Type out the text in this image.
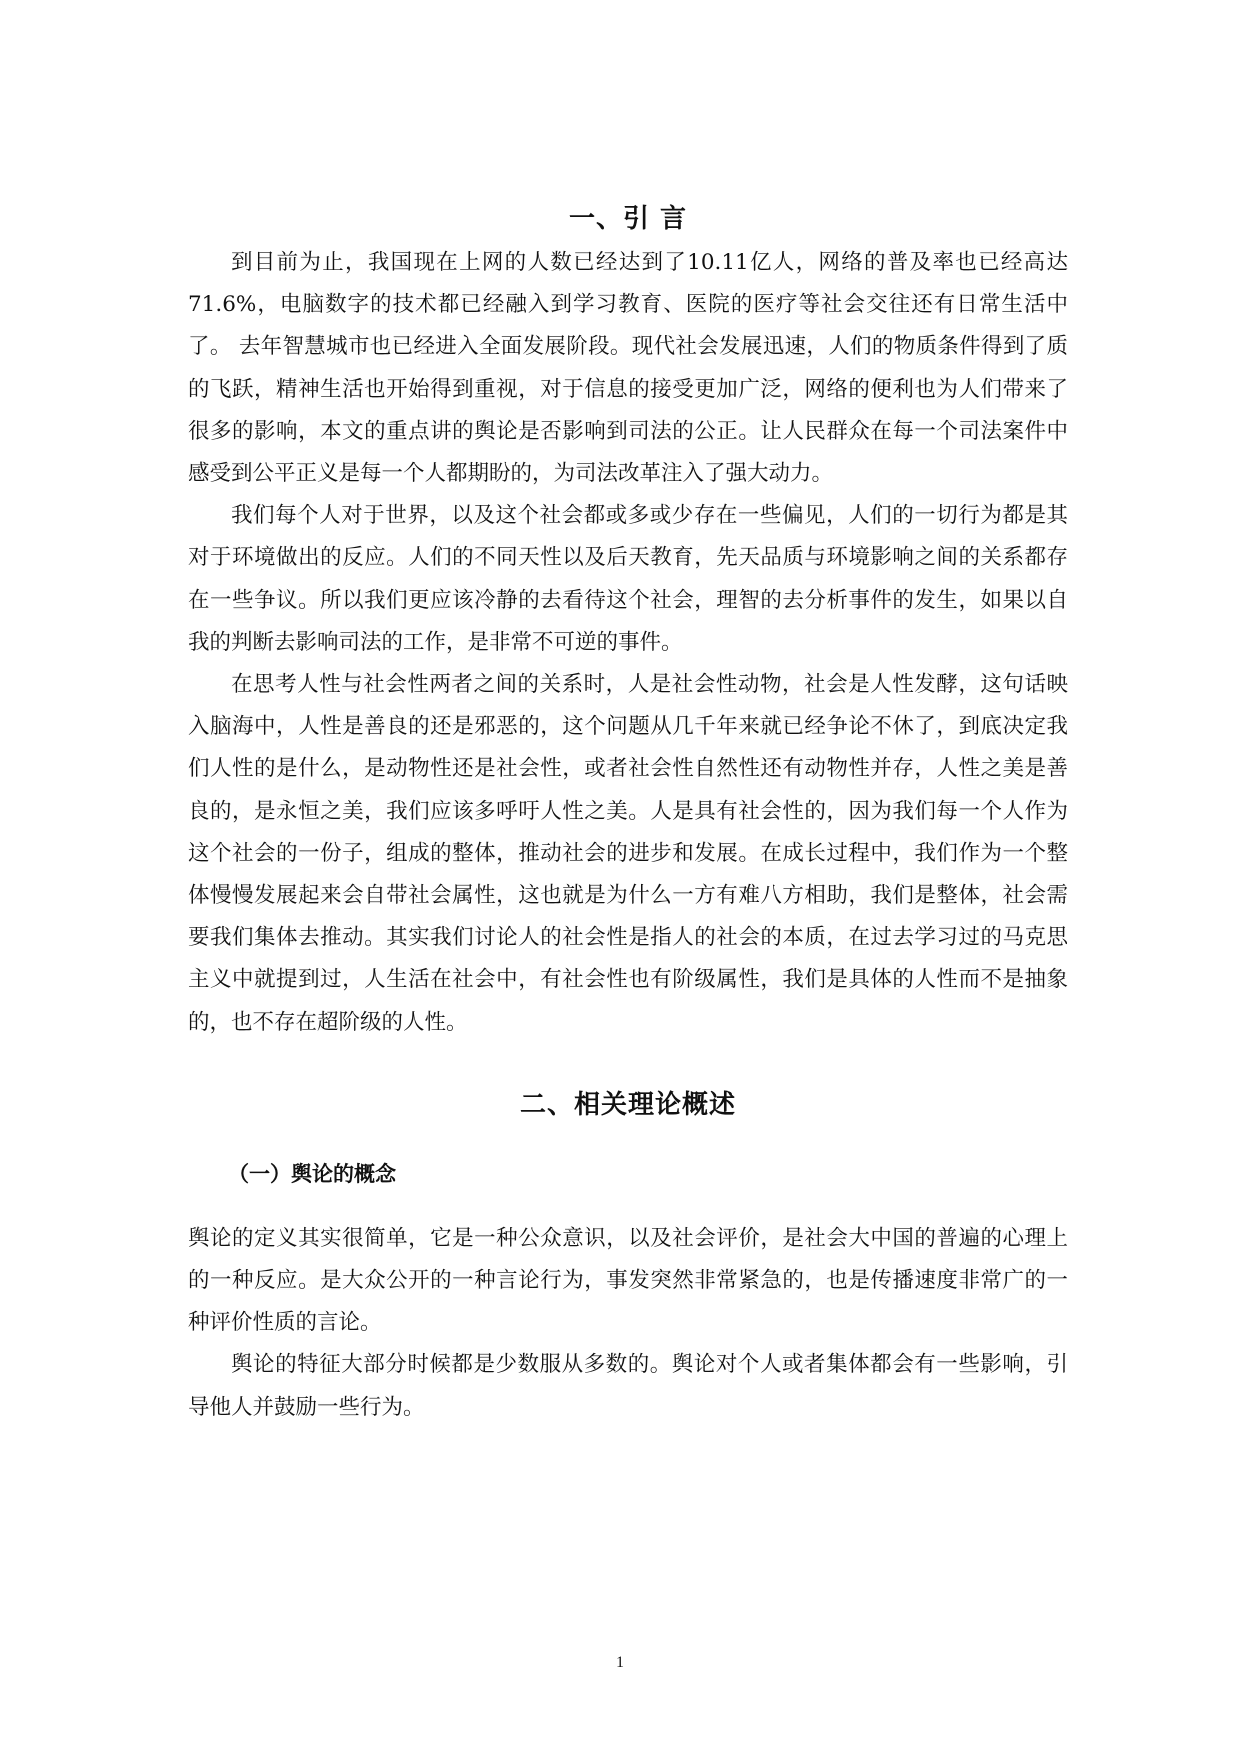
一、引 言

到目前为止，我国现在上网的人数已经达到了10.11亿人，网络的普及率也已经高达71.6%，电脑数字的技术都已经融入到学习教育、医院的医疗等社会交往还有日常生活中了。 去年智慧城市也已经进入全面发展阶段。现代社会发展迅速，人们的物质条件得到了质的飞跃，精神生活也开始得到重视，对于信息的接受更加广泛，网络的便利也为人们带来了很多的影响，本文的重点讲的舆论是否影响到司法的公正。让人民群众在每一个司法案件中感受到公平正义是每一个人都期盼的，为司法改革注入了强大动力。

我们每个人对于世界，以及这个社会都或多或少存在一些偏见，人们的一切行为都是其对于环境做出的反应。人们的不同天性以及后天教育，先天品质与环境影响之间的关系都存在一些争议。所以我们更应该冷静的去看待这个社会，理智的去分析事件的发生，如果以自我的判断去影响司法的工作，是非常不可逆的事件。

在思考人性与社会性两者之间的关系时，人是社会性动物，社会是人性发酵，这句话映入脑海中，人性是善良的还是邪恶的，这个问题从几千年来就已经争论不休了，到底决定我们人性的是什么，是动物性还是社会性，或者社会性自然性还有动物性并存，人性之美是善良的，是永恒之美，我们应该多呼吁人性之美。人是具有社会性的，因为我们每一个人作为这个社会的一份子，组成的整体，推动社会的进步和发展。在成长过程中，我们作为一个整体慢慢发展起来会自带社会属性，这也就是为什么一方有难八方相助，我们是整体，社会需要我们集体去推动。其实我们讨论人的社会性是指人的社会的本质，在过去学习过的马克思主义中就提到过，人生活在社会中，有社会性也有阶级属性，我们是具体的人性而不是抽象的，也不存在超阶级的人性。

二、相关理论概述
（一）舆论的概念

舆论的定义其实很简单，它是一种公众意识，以及社会评价，是社会大中国的普遍的心理上的一种反应。是大众公开的一种言论行为，事发突然非常紧急的，也是传播速度非常广的一种评价性质的言论。

舆论的特征大部分时候都是少数服从多数的。舆论对个人或者集体都会有一些影响，引导他人并鼓励一些行为。

1
